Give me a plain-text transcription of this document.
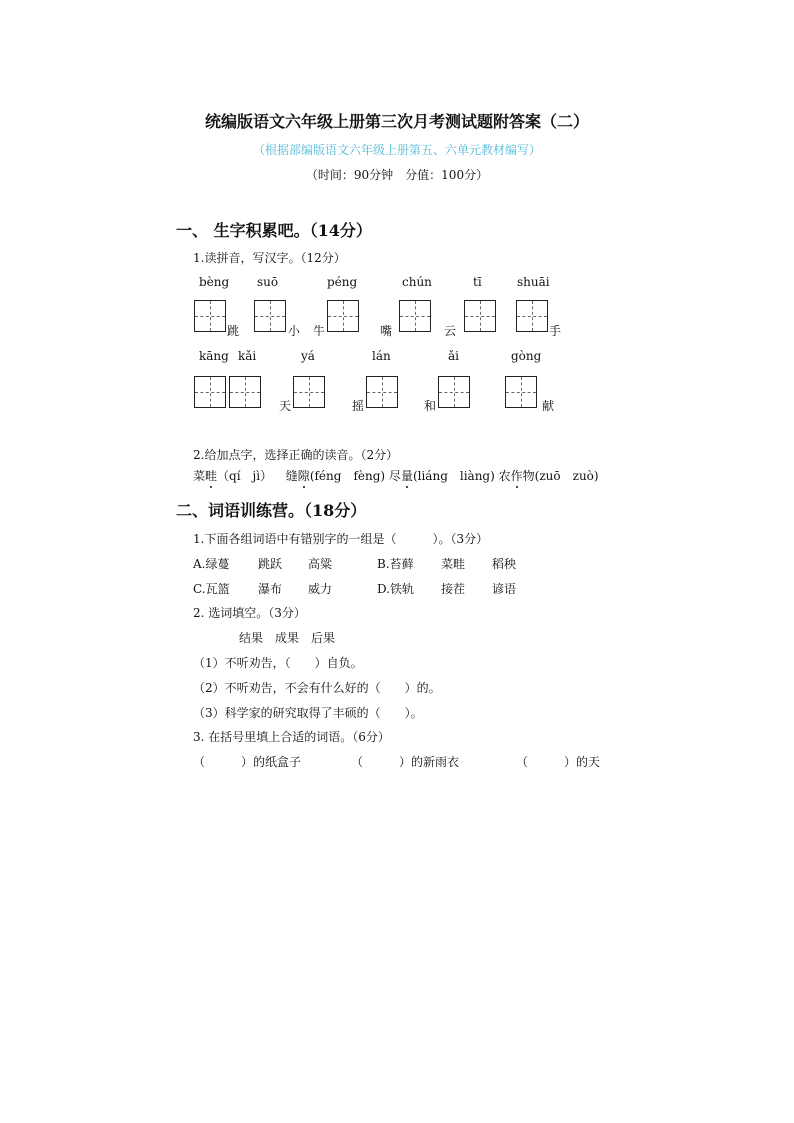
统编版语文六年级上册第三次月考测试题附答案（二）
（根据部编版语文六年级上册第五、六单元教材编写）
（时间：90分钟　分值：100分）
一、 生字积累吧。（14分）
1.读拼音，写汉字。（12分）
bèng suō	péng	chún	tī	shuāi
跳	小 牛	嘴	云	手
kāng kǎi	yá	lán	ǎi	gòng
天	摇	和	献
2.给加点字，选择正确的读音。（2分）
菜畦（qí　jì） 缝隙(féng　fèng) 尽量(liáng　liàng) 农作物(zuō　zuò)
二、词语训练营。（18分）
1.下面各组词语中有错别字的一组是（　　　）。（3分）
A.绿蔓 跳跃 高粱	B.苔藓 菜畦 稻秧
C.瓦篮 瀑布 威力	D.铁轨 接茬 谚语
2. 选词填空。（3分）
结果　成果　后果
（1）不听劝告，（　　）自负。
（2）不听劝告，不会有什么好的（　　）的。
（3）科学家的研究取得了丰硕的（　　）。
3. 在括号里填上合适的词语。（6分）
（　　　）的纸盒子	（　　　）的新雨衣	（　　　）的天
